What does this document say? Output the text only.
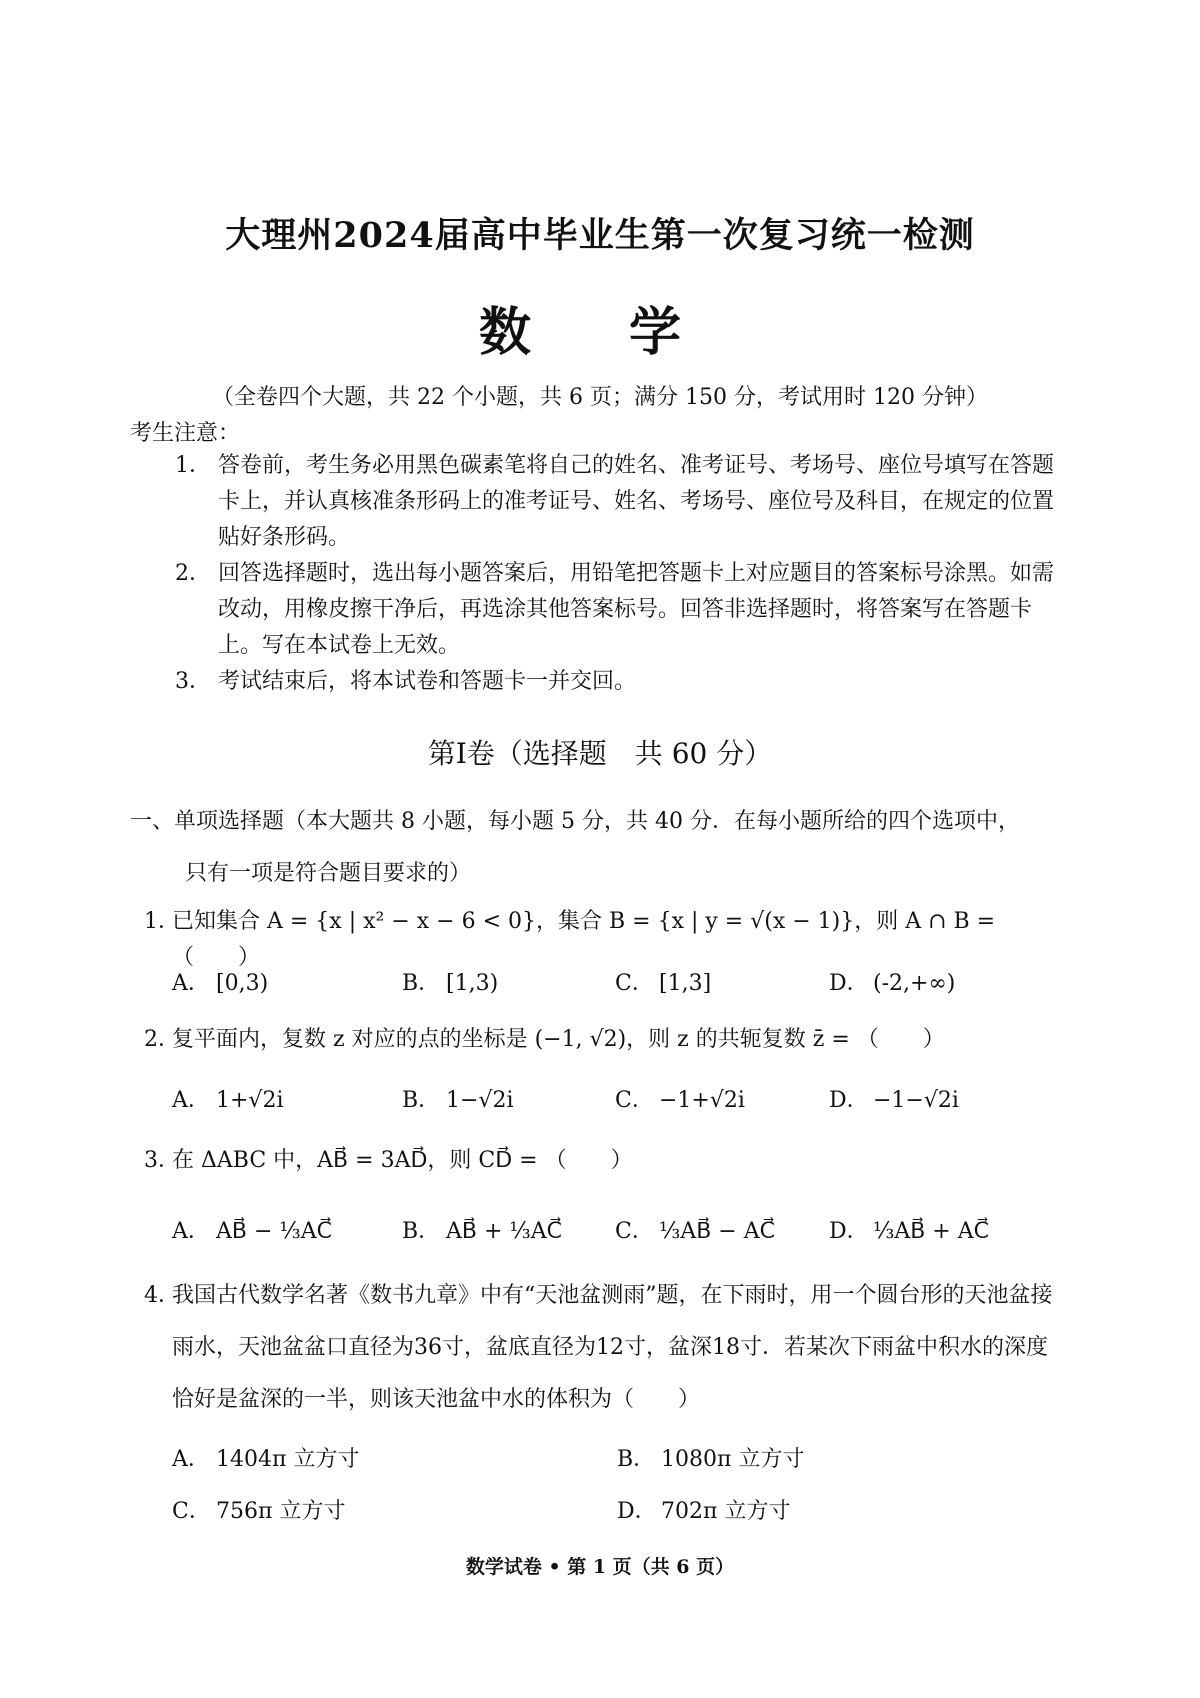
大理州2024届高中毕业生第一次复习统一检测
数 学
（全卷四个大题，共 22 个小题，共 6 页；满分 150 分，考试用时 120 分钟）
考生注意：
1． 答卷前，考生务必用黑色碳素笔将自己的姓名、准考证号、考场号、座位号填写在答题卡上，并认真核准条形码上的准考证号、姓名、考场号、座位号及科目，在规定的位置贴好条形码。
2． 回答选择题时，选出每小题答案后，用铅笔把答题卡上对应题目的答案标号涂黑。如需改动，用橡皮擦干净后，再选涂其他答案标号。回答非选择题时，将答案写在答题卡上。写在本试卷上无效。
3． 考试结束后，将本试卷和答题卡一并交回。
第Ⅰ卷（选择题　共 60 分）
一、单项选择题（本大题共 8 小题，每小题 5 分，共 40 分．在每小题所给的四个选项中，
只有一项是符合题目要求的）
1．已知集合 A = {x | x² − x − 6 < 0}，集合 B = {x | y = √(x − 1)}，则 A ∩ B = （　　）
A． [0,3)	B． [1,3)	C． [1,3]	D． (-2,+∞)
2．复平面内，复数 z 对应的点的坐标是 (−1, √2)，则 z 的共轭复数 z̄ = （　　）
A． 1+√2i	B． 1−√2i	C． −1+√2i	D． −1−√2i
3．在 ΔABC 中，AB⃗ = 3AD⃗，则 CD⃗ = （　　）
A． AB⃗ − ⅓AC⃗	B． AB⃗ + ⅓AC⃗ C． ⅓AB⃗ − AC⃗ D． ⅓AB⃗ + AC⃗
4．我国古代数学名著《数书九章》中有“天池盆测雨”题，在下雨时，用一个圆台形的天池盆接雨水，天池盆盆口直径为36寸，盆底直径为12寸，盆深18寸．若某次下雨盆中积水的深度恰好是盆深的一半，则该天池盆中水的体积为（　　）
A． 1404π 立方寸	B． 1080π 立方寸
C． 756π 立方寸	D． 702π 立方寸
数学试卷 • 第 1 页（共 6 页）
